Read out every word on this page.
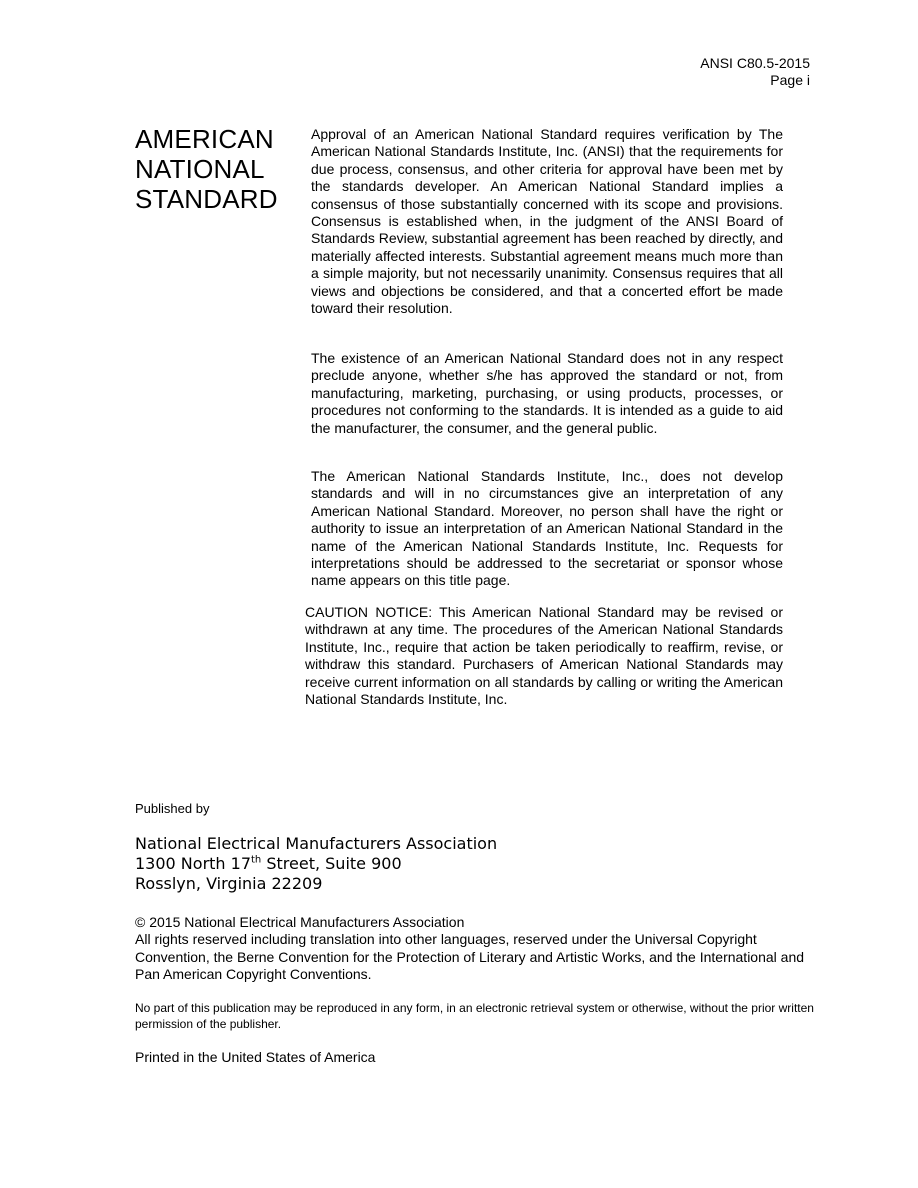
ANSI C80.5-2015
Page i
AMERICAN
NATIONAL
STANDARD
Approval of an American National Standard requires verification by The American National Standards Institute, Inc. (ANSI) that the requirements for due process, consensus, and other criteria for approval have been met by the standards developer. An American National Standard implies a consensus of those substantially concerned with its scope and provisions. Consensus is established when, in the judgment of the ANSI Board of Standards Review, substantial agreement has been reached by directly, and materially affected interests. Substantial agreement means much more than a simple majority, but not necessarily unanimity. Consensus requires that all views and objections be considered, and that a concerted effort be made toward their resolution.
The existence of an American National Standard does not in any respect preclude anyone, whether s/he has approved the standard or not, from manufacturing, marketing, purchasing, or using products, processes, or procedures not conforming to the standards. It is intended as a guide to aid the manufacturer, the consumer, and the general public.
The American National Standards Institute, Inc., does not develop standards and will in no circumstances give an interpretation of any American National Standard. Moreover, no person shall have the right or authority to issue an interpretation of an American National Standard in the name of the American National Standards Institute, Inc. Requests for interpretations should be addressed to the secretariat or sponsor whose name appears on this title page.
CAUTION NOTICE: This American National Standard may be revised or withdrawn at any time. The procedures of the American National Standards Institute, Inc., require that action be taken periodically to reaffirm, revise, or withdraw this standard. Purchasers of American National Standards may receive current information on all standards by calling or writing the American National Standards Institute, Inc.
Published by
National Electrical Manufacturers Association
1300 North 17th Street, Suite 900
Rosslyn, Virginia 22209
© 2015 National Electrical Manufacturers Association
All rights reserved including translation into other languages, reserved under the Universal Copyright Convention, the Berne Convention for the Protection of Literary and Artistic Works, and the International and Pan American Copyright Conventions.
No part of this publication may be reproduced in any form, in an electronic retrieval system or otherwise, without the prior written permission of the publisher.
Printed in the United States of America
